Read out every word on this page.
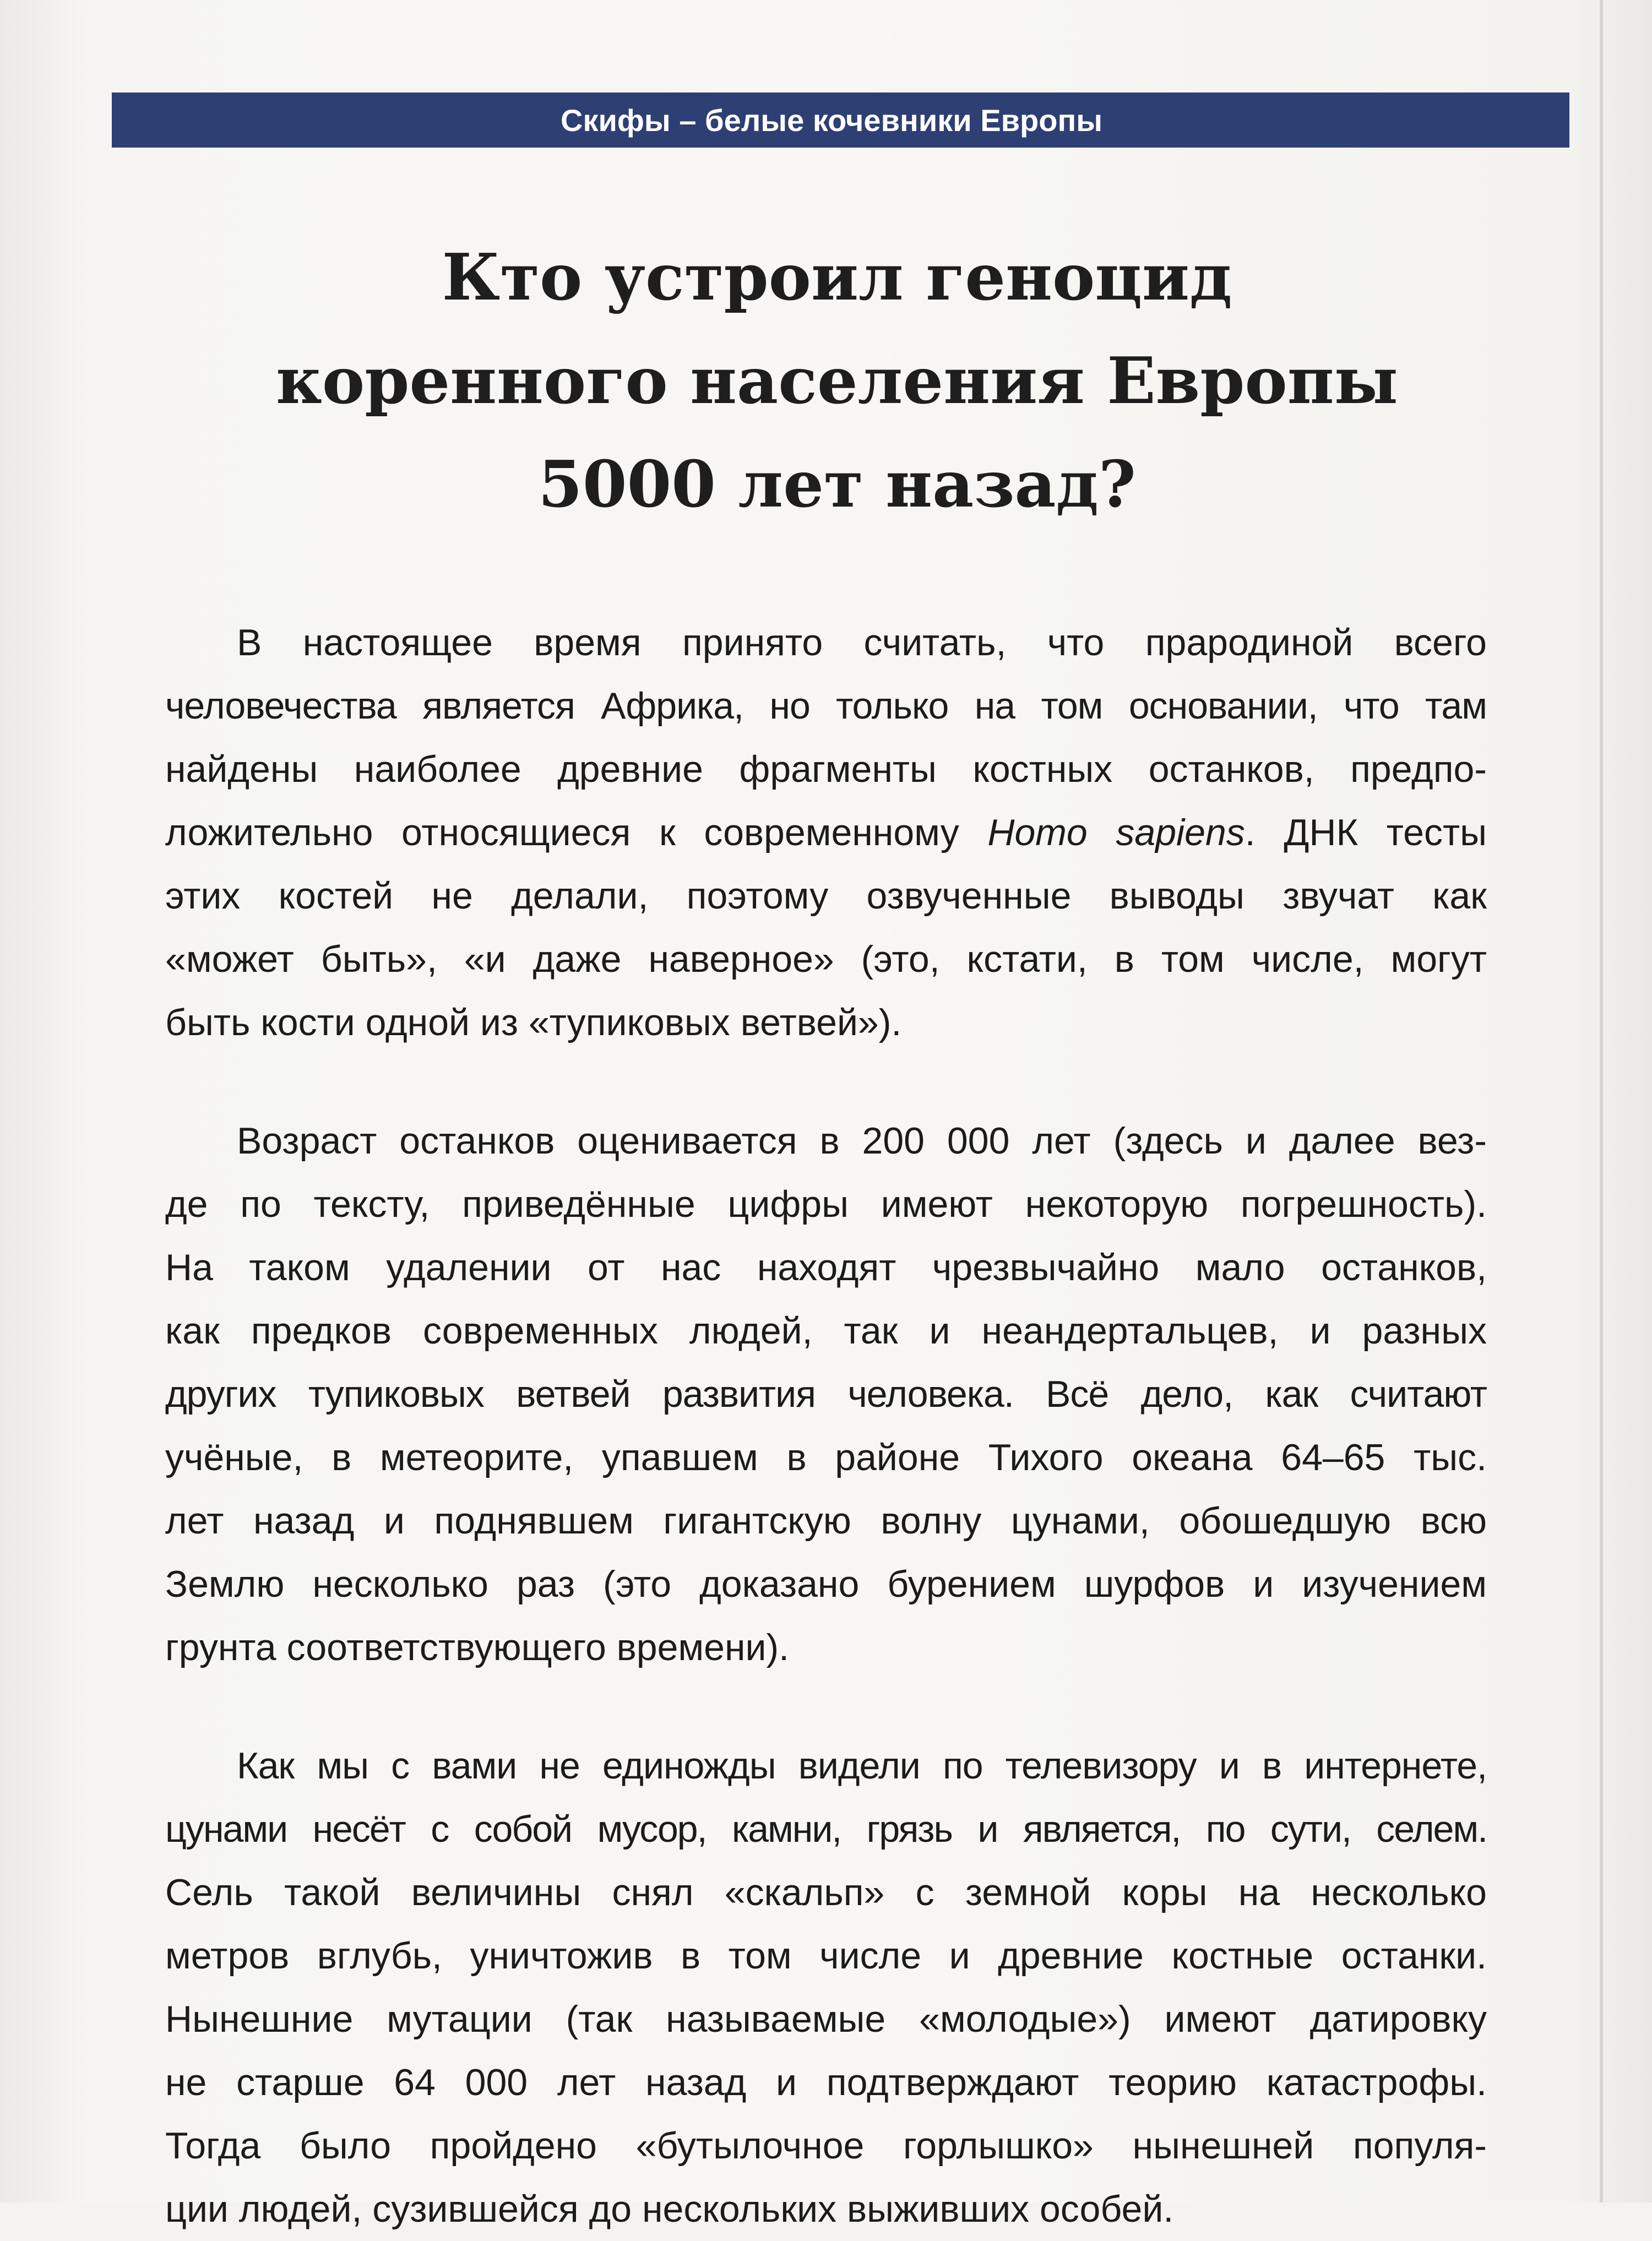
Скифы – белые кочевники Европы
Кто устроил геноцид
коренного населения Европы
5000 лет назад?

В настоящее время принято считать, что прародиной всего
человечества является Африка, но только на том основании, что там
найдены наиболее древние фрагменты костных останков, предпо-
ложительно относящиеся к современному Homo sapiens. ДНК тесты
этих костей не делали, поэтому озвученные выводы звучат как
«может быть», «и даже наверное» (это, кстати, в том числе, могут
быть кости одной из «тупиковых ветвей»).

Возраст останков оценивается в 200 000 лет (здесь и далее вез-
де по тексту, приведённые цифры имеют некоторую погрешность).
На таком удалении от нас находят чрезвычайно мало останков,
как предков современных людей, так и неандертальцев, и разных
других тупиковых ветвей развития человека. Всё дело, как считают
учёные, в метеорите, упавшем в районе Тихого океана 64–65 тыс.
лет назад и поднявшем гигантскую волну цунами, обошедшую всю
Землю несколько раз (это доказано бурением шурфов и изучением
грунта соответствующего времени).

Как мы с вами не единожды видели по телевизору и в интернете,
цунами несёт с собой мусор, камни, грязь и является, по сути, селем.
Сель такой величины снял «скальп» с земной коры на несколько
метров вглубь, уничтожив в том числе и древние костные останки.
Нынешние мутации (так называемые «молодые») имеют датировку
не старше 64 000 лет назад и подтверждают теорию катастрофы.
Тогда было пройдено «бутылочное горлышко» нынешней популя-
ции людей, сузившейся до нескольких выживших особей.
